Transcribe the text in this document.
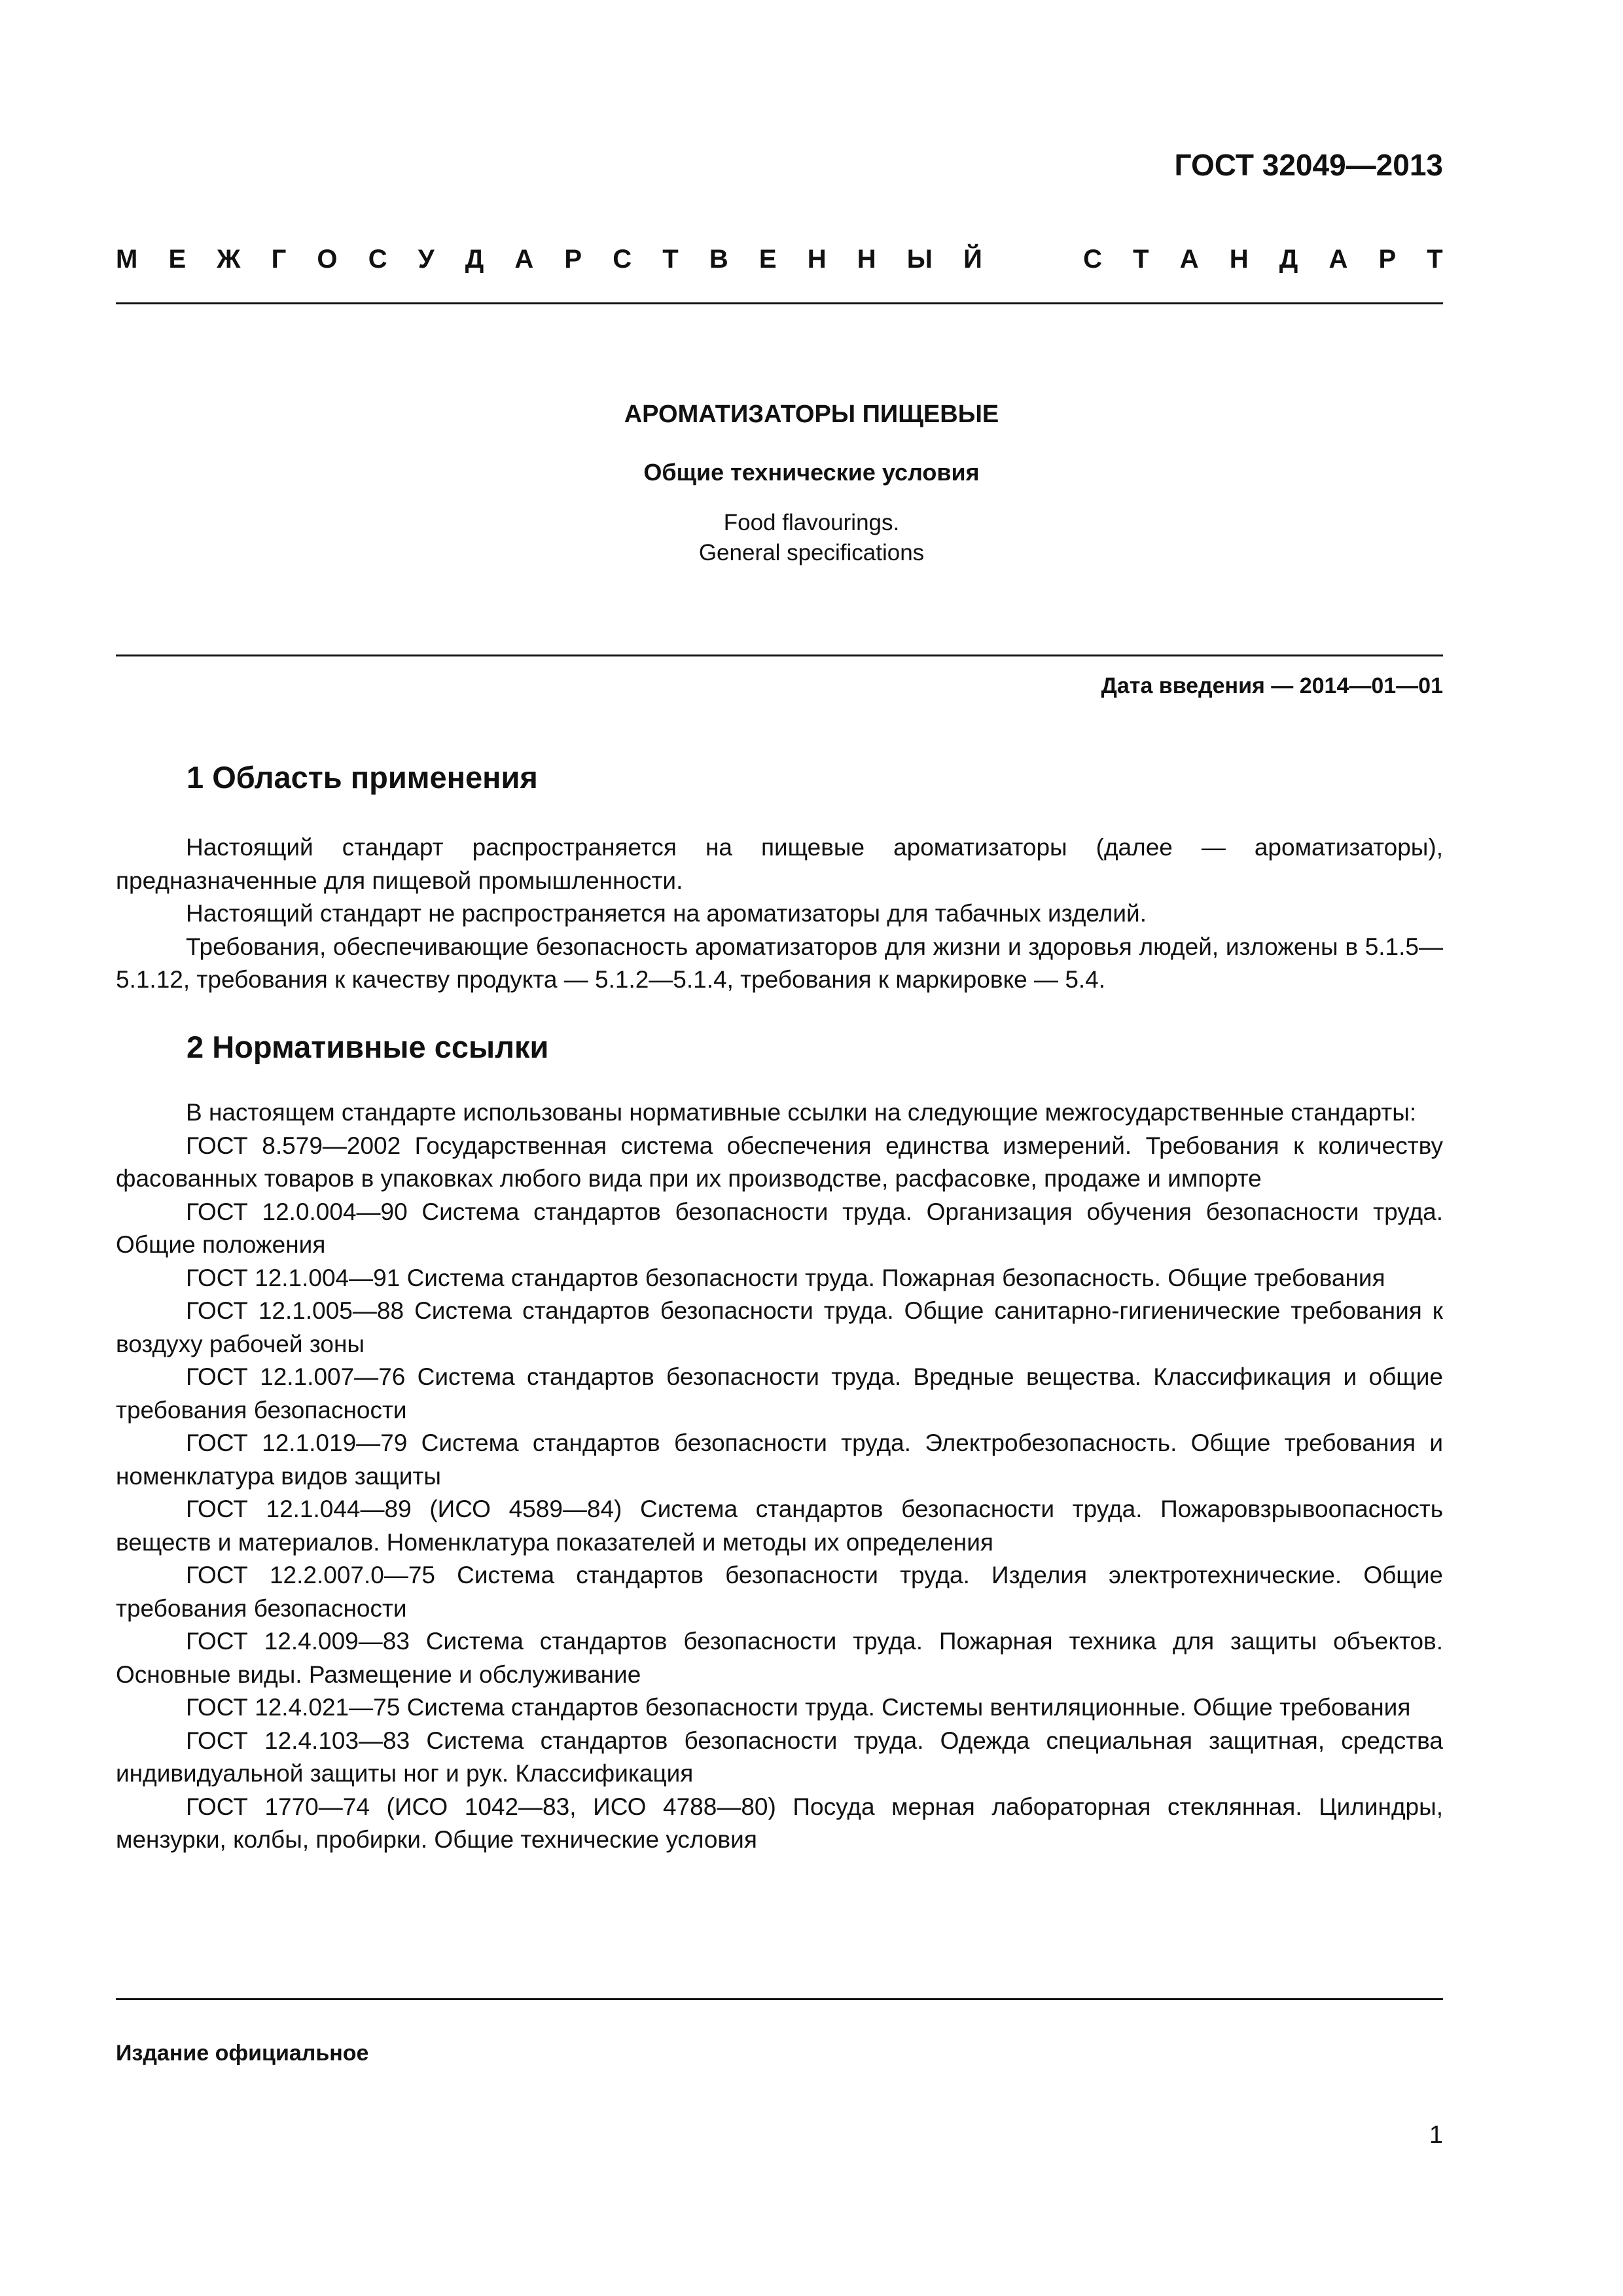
ГОСТ 32049—2013
М Е Ж Г О С У Д А Р С Т В Е Н Н Ы Й	С Т А Н Д А Р Т
АРОМАТИЗАТОРЫ ПИЩЕВЫЕ
Общие технические условия
Food flavourings.
General specifications
Дата введения — 2014—01—01
1 Область применения

Настоящий стандарт распространяется на пищевые ароматизаторы (далее — ароматизаторы), предназначенные для пищевой промышленности.

Настоящий стандарт не распространяется на ароматизаторы для табачных изделий.

Требования, обеспечивающие безопасность ароматизаторов для жизни и здоровья людей, изложены в 5.1.5—5.1.12, требования к качеству продукта — 5.1.2—5.1.4, требования к маркировке — 5.4.

2 Нормативные ссылки

В настоящем стандарте использованы нормативные ссылки на следующие межгосударственные стандарты:

ГОСТ 8.579—2002 Государственная система обеспечения единства измерений. Требования к количеству фасованных товаров в упаковках любого вида при их производстве, расфасовке, продаже и импорте

ГОСТ 12.0.004—90 Система стандартов безопасности труда. Организация обучения безопасности труда. Общие положения

ГОСТ 12.1.004—91 Система стандартов безопасности труда. Пожарная безопасность. Общие требования

ГОСТ 12.1.005—88 Система стандартов безопасности труда. Общие санитарно-гигиенические требования к воздуху рабочей зоны

ГОСТ 12.1.007—76 Система стандартов безопасности труда. Вредные вещества. Классификация и общие требования безопасности

ГОСТ 12.1.019—79 Система стандартов безопасности труда. Электробезопасность. Общие требования и номенклатура видов защиты

ГОСТ 12.1.044—89 (ИСО 4589—84) Система стандартов безопасности труда. Пожаровзрывоопасность веществ и материалов. Номенклатура показателей и методы их определения

ГОСТ 12.2.007.0—75 Система стандартов безопасности труда. Изделия электротехнические. Общие требования безопасности

ГОСТ 12.4.009—83 Система стандартов безопасности труда. Пожарная техника для защиты объектов. Основные виды. Размещение и обслуживание

ГОСТ 12.4.021—75 Система стандартов безопасности труда. Системы вентиляционные. Общие требования

ГОСТ 12.4.103—83 Система стандартов безопасности труда. Одежда специальная защитная, средства индивидуальной защиты ног и рук. Классификация

ГОСТ 1770—74 (ИСО 1042—83, ИСО 4788—80) Посуда мерная лабораторная стеклянная. Цилиндры, мензурки, колбы, пробирки. Общие технические условия

Издание официальное
1
